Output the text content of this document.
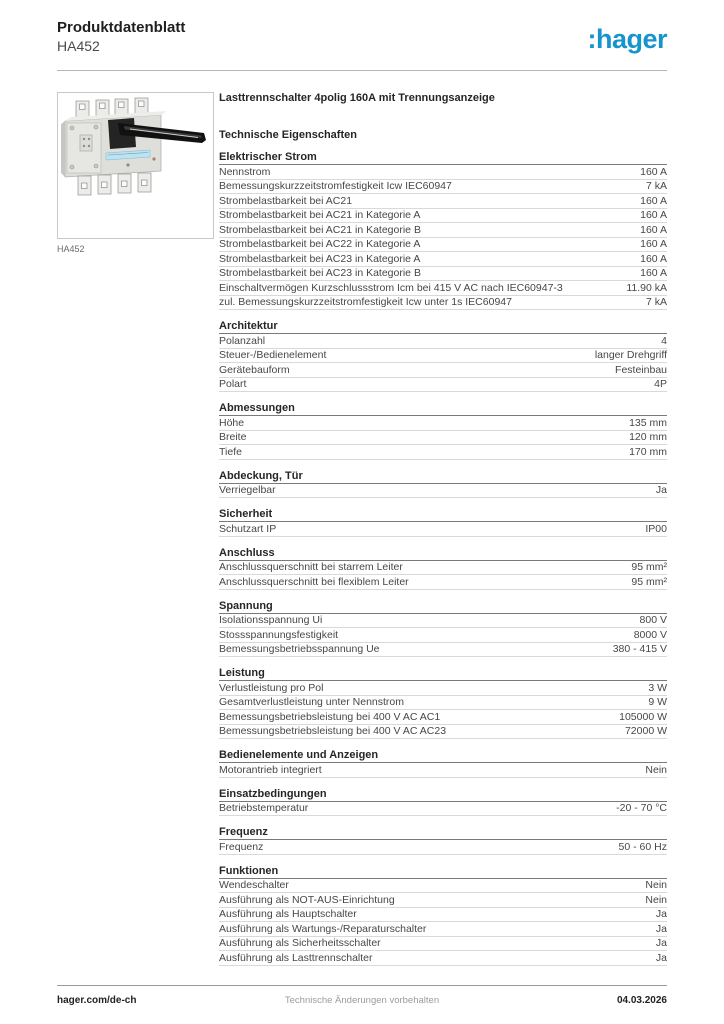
Produktdatenblatt
HA452	:hager
HA452
Lasttrennschalter 4polig 160A mit Trennungsanzeige
Technische Eigenschaften
Elektrischer Strom
Nennstrom	160 A
Bemessungskurzzeitstromfestigkeit Icw IEC60947	7 kA
Strombelastbarkeit bei AC21	160 A
Strombelastbarkeit bei AC21 in Kategorie A	160 A
Strombelastbarkeit bei AC21 in Kategorie B	160 A
Strombelastbarkeit bei AC22 in Kategorie A	160 A
Strombelastbarkeit bei AC23 in Kategorie A	160 A
Strombelastbarkeit bei AC23 in Kategorie B	160 A
Einschaltvermögen Kurzschlussstrom Icm bei 415 V AC nach IEC60947-3	11.90 kA
zul. Bemessungskurzzeitstromfestigkeit Icw unter 1s IEC60947	7 kA
Architektur
Polanzahl	4
Steuer-/Bedienelement	langer Drehgriff
Gerätebauform	Festeinbau
Polart	4P
Abmessungen
Höhe	135 mm
Breite	120 mm
Tiefe	170 mm
Abdeckung, Tür
Verriegelbar	Ja
Sicherheit
Schutzart IP	IP00
Anschluss
Anschlussquerschnitt bei starrem Leiter	95 mm²
Anschlussquerschnitt bei flexiblem Leiter	95 mm²
Spannung
Isolationsspannung Ui	800 V
Stossspannungsfestigkeit	8000 V
Bemessungsbetriebsspannung Ue	380 - 415 V
Leistung
Verlustleistung pro Pol	3 W
Gesamtverlustleistung unter Nennstrom	9 W
Bemessungsbetriebsleistung bei 400 V AC AC1	105000 W
Bemessungsbetriebsleistung bei 400 V AC AC23	72000 W
Bedienelemente und Anzeigen
Motorantrieb integriert	Nein
Einsatzbedingungen
Betriebstemperatur	-20 - 70 °C
Frequenz
Frequenz	50 - 60 Hz
Funktionen
Wendeschalter	Nein
Ausführung als NOT-AUS-Einrichtung	Nein
Ausführung als Hauptschalter	Ja
Ausführung als Wartungs-/Reparaturschalter	Ja
Ausführung als Sicherheitsschalter	Ja
Ausführung als Lasttrennschalter	Ja
hager.com/de-ch	Technische Änderungen vorbehalten	04.03.2026
